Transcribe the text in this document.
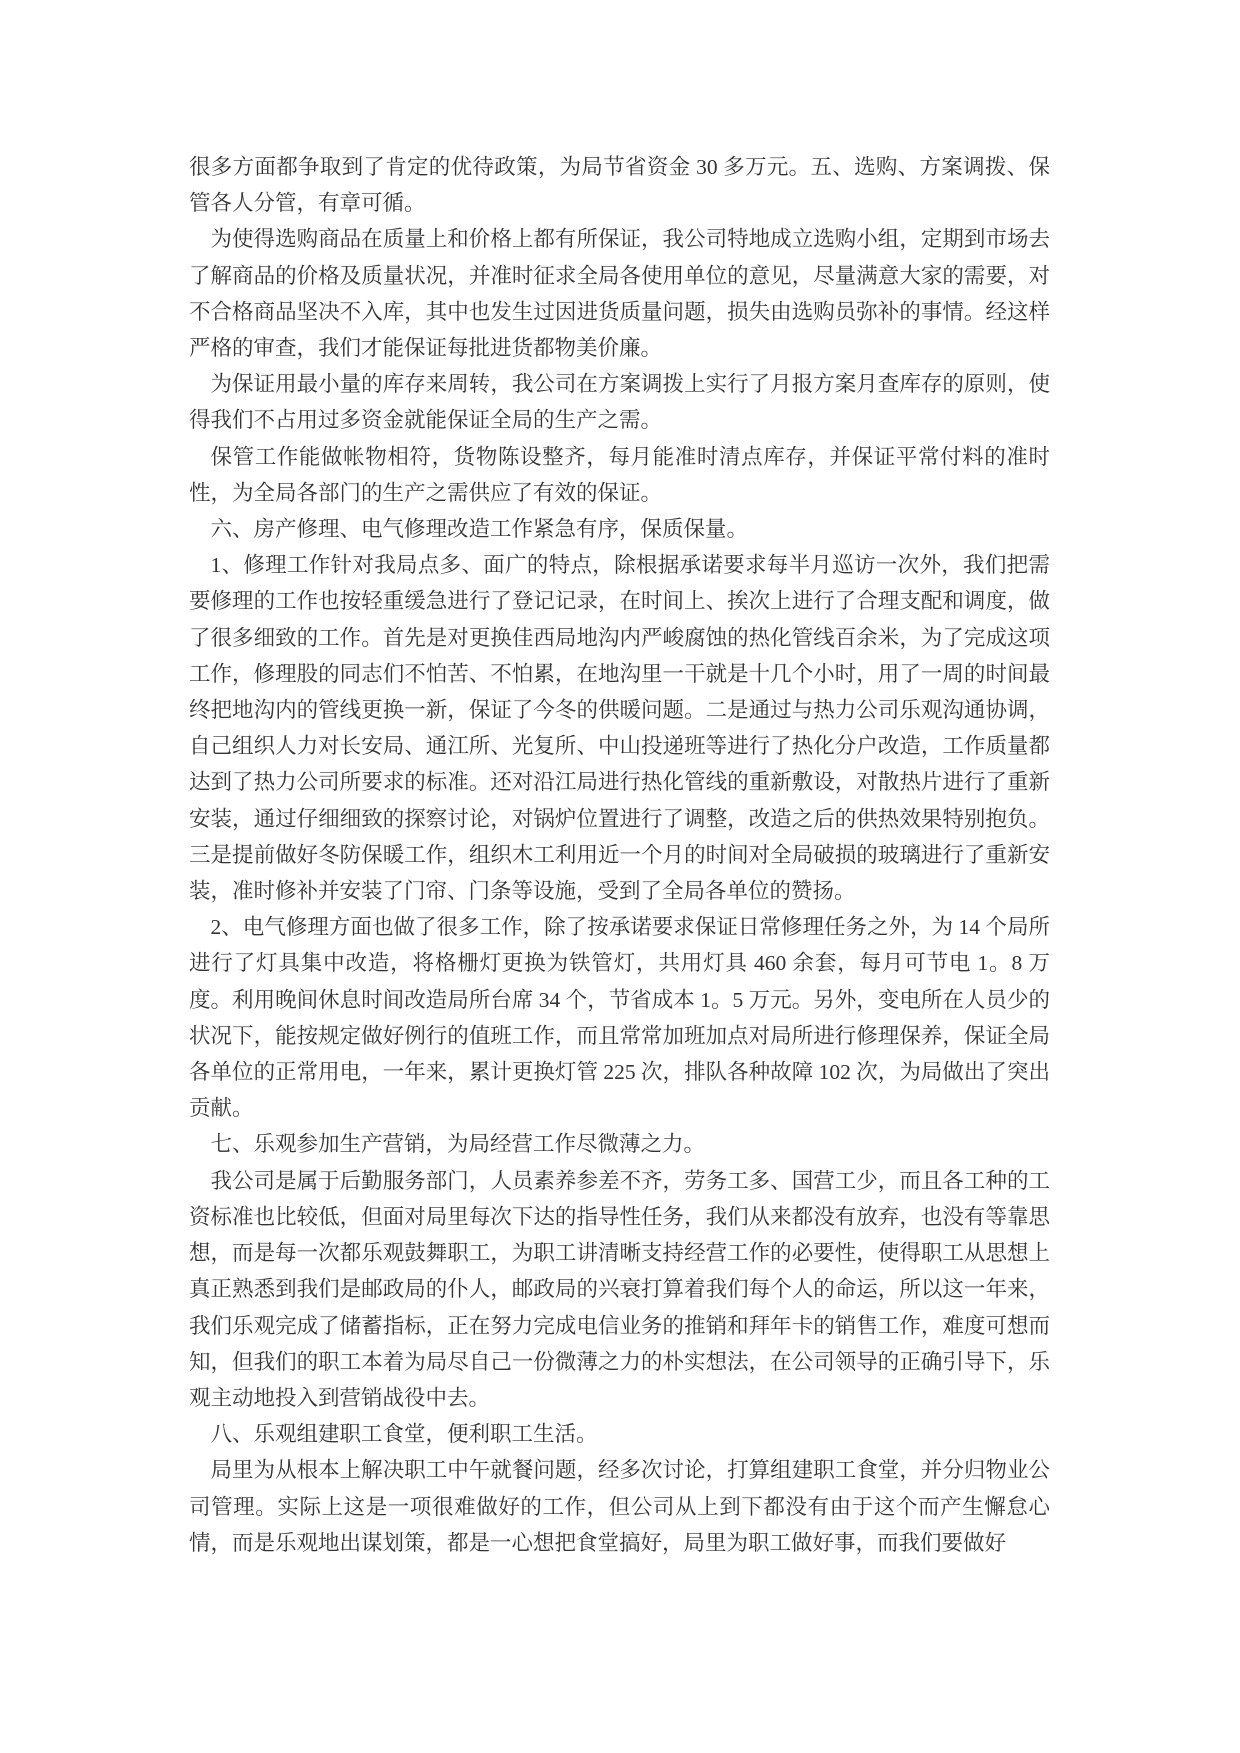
很多方面都争取到了肯定的优待政策，为局节省资金 30 多万元。五、选购、方案调拨、保管各人分管，有章可循。

为使得选购商品在质量上和价格上都有所保证，我公司特地成立选购小组，定期到市场去了解商品的价格及质量状况，并准时征求全局各使用单位的意见，尽量满意大家的需要，对不合格商品坚决不入库，其中也发生过因进货质量问题，损失由选购员弥补的事情。经这样严格的审查，我们才能保证每批进货都物美价廉。

为保证用最小量的库存来周转，我公司在方案调拨上实行了月报方案月查库存的原则，使得我们不占用过多资金就能保证全局的生产之需。

保管工作能做帐物相符，货物陈设整齐，每月能准时清点库存，并保证平常付料的准时性，为全局各部门的生产之需供应了有效的保证。

六、房产修理、电气修理改造工作紧急有序，保质保量。

1、修理工作针对我局点多、面广的特点，除根据承诺要求每半月巡访一次外，我们把需要修理的工作也按轻重缓急进行了登记记录，在时间上、挨次上进行了合理支配和调度，做了很多细致的工作。首先是对更换佳西局地沟内严峻腐蚀的热化管线百余米，为了完成这项工作，修理股的同志们不怕苦、不怕累，在地沟里一干就是十几个小时，用了一周的时间最终把地沟内的管线更换一新，保证了今冬的供暖问题。二是通过与热力公司乐观沟通协调，自己组织人力对长安局、通江所、光复所、中山投递班等进行了热化分户改造，工作质量都达到了热力公司所要求的标准。还对沿江局进行热化管线的重新敷设，对散热片进行了重新安装，通过仔细细致的探察讨论，对锅炉位置进行了调整，改造之后的供热效果特别抱负。三是提前做好冬防保暖工作，组织木工利用近一个月的时间对全局破损的玻璃进行了重新安装，准时修补并安装了门帘、门条等设施，受到了全局各单位的赞扬。

2、电气修理方面也做了很多工作，除了按承诺要求保证日常修理任务之外，为 14 个局所进行了灯具集中改造，将格栅灯更换为铁管灯，共用灯具 460 余套，每月可节电 1。8 万度。利用晚间休息时间改造局所台席 34 个，节省成本 1。5 万元。另外，变电所在人员少的状况下，能按规定做好例行的值班工作，而且常常加班加点对局所进行修理保养，保证全局各单位的正常用电，一年来，累计更换灯管 225 次，排队各种故障 102 次，为局做出了突出贡献。

七、乐观参加生产营销，为局经营工作尽微薄之力。

我公司是属于后勤服务部门，人员素养参差不齐，劳务工多、国营工少，而且各工种的工资标准也比较低，但面对局里每次下达的指导性任务，我们从来都没有放弃，也没有等靠思想，而是每一次都乐观鼓舞职工，为职工讲清晰支持经营工作的必要性，使得职工从思想上真正熟悉到我们是邮政局的仆人，邮政局的兴衰打算着我们每个人的命运，所以这一年来，我们乐观完成了储蓄指标，正在努力完成电信业务的推销和拜年卡的销售工作，难度可想而知，但我们的职工本着为局尽自己一份微薄之力的朴实想法，在公司领导的正确引导下，乐观主动地投入到营销战役中去。

八、乐观组建职工食堂，便利职工生活。

局里为从根本上解决职工中午就餐问题，经多次讨论，打算组建职工食堂，并分归物业公司管理。实际上这是一项很难做好的工作，但公司从上到下都没有由于这个而产生懈怠心情，而是乐观地出谋划策，都是一心想把食堂搞好，局里为职工做好事，而我们要做好
